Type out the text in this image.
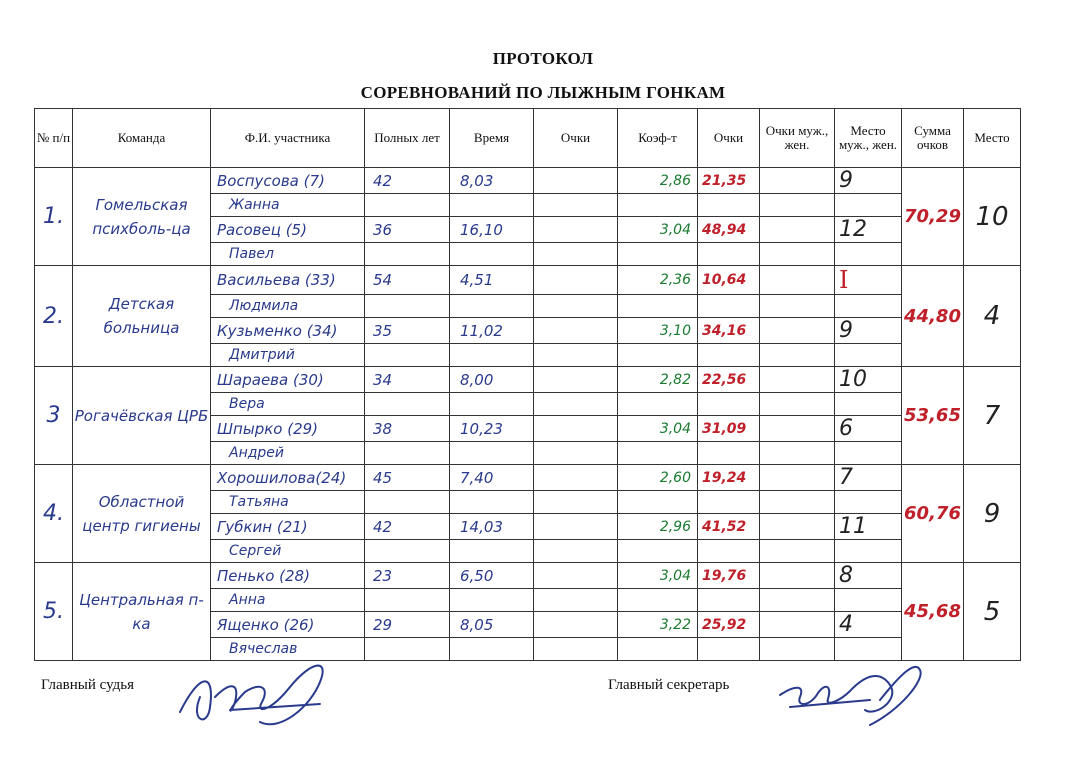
ПРОТОКОЛ
СОРЕВНОВАНИЙ ПО ЛЫЖНЫМ ГОНКАМ
№ п/п	Команда	Ф.И. участника	Полных лет	Время	Очки	Коэф-т	Очки	Очки муж., жен.	Место муж., жен.	Сумма очков	Место
1.	Гомельская психболь-ца	Воспусова (7)	42	8,03		2,86	21,35		9	70,29	10
		Жанна									
		Расовец (5)	36	16,10		3,04	48,94		12		
		Павел									
2.	Детская больница	Васильева (33)	54	4,51		2,36	10,64		I	44,80	4
		Людмила									
		Кузьменко (34)	35	11,02		3,10	34,16		9		
		Дмитрий									
3	Рогачёвская ЦРБ	Шараева (30)	34	8,00		2,82	22,56		10	53,65	7
		Вера									
		Шпырко (29)	38	10,23		3,04	31,09		6		
		Андрей									
4.	Областной центр гигиены	Хорошилова(24)	45	7,40		2,60	19,24		7	60,76	9
		Татьяна									
		Губкин (21)	42	14,03		2,96	41,52		11		
		Сергей									
5.	Центральная п-ка	Пенько (28)	23	6,50		3,04	19,76		8	45,68	5
		Анна									
		Ященко (26)	29	8,05		3,22	25,92		4		
		Вячеслав									
Главный судья	Главный секретарь
